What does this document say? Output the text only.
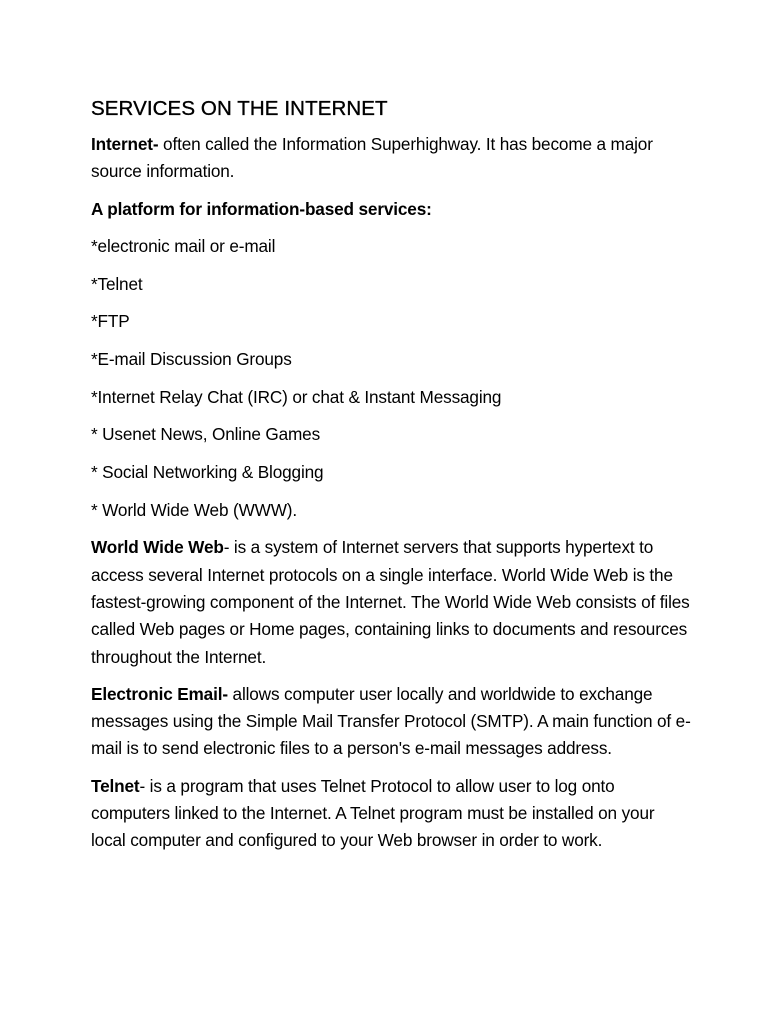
SERVICES ON THE INTERNET

Internet- often called the Information Superhighway. It has become a major source information.

A platform for information-based services:

*electronic mail or e-mail

*Telnet

*FTP

*E-mail Discussion Groups

*Internet Relay Chat (IRC) or chat & Instant Messaging

* Usenet News, Online Games

* Social Networking & Blogging

* World Wide Web (WWW).

World Wide Web- is a system of Internet servers that supports hypertext to access several Internet protocols on a single interface. World Wide Web is the fastest-growing component of the Internet. The World Wide Web consists of files called Web pages or Home pages, containing links to documents and resources throughout the Internet.

Electronic Email- allows computer user locally and worldwide to exchange messages using the Simple Mail Transfer Protocol (SMTP). A main function of e-mail is to send electronic files to a person's e-mail messages address.

Telnet- is a program that uses Telnet Protocol to allow user to log onto computers linked to the Internet. A Telnet program must be installed on your local computer and configured to your Web browser in order to work.
